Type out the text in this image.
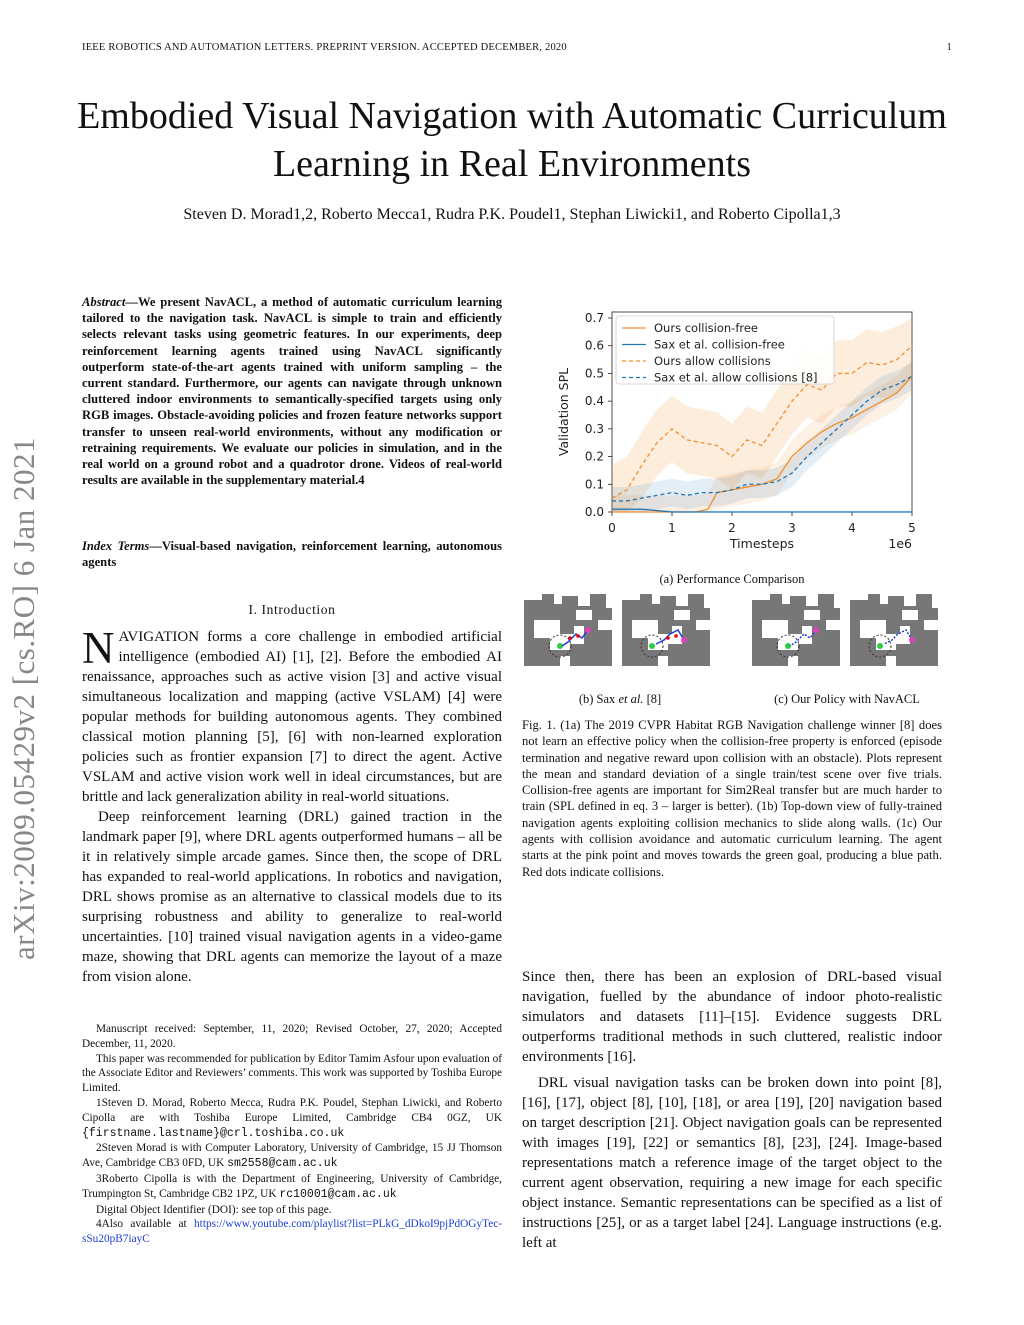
IEEE ROBOTICS AND AUTOMATION LETTERS. PREPRINT VERSION. ACCEPTED DECEMBER, 2020	1
Embodied Visual Navigation with Automatic Curriculum Learning in Real Environments
Steven D. Morad1,2, Roberto Mecca1, Rudra P.K. Poudel1, Stephan Liwicki1, and Roberto Cipolla1,3
arXiv:2009.05429v2 [cs.RO] 6 Jan 2021
Abstract—We present NavACL, a method of automatic curriculum learning tailored to the navigation task. NavACL is simple to train and efficiently selects relevant tasks using geometric features. In our experiments, deep reinforcement learning agents trained using NavACL significantly outperform state-of-the-art agents trained with uniform sampling – the current standard. Furthermore, our agents can navigate through unknown cluttered indoor environments to semantically-specified targets using only RGB images. Obstacle-avoiding policies and frozen feature networks support transfer to unseen real-world environments, without any modification or retraining requirements. We evaluate our policies in simulation, and in the real world on a ground robot and a quadrotor drone. Videos of real-world results are available in the supplementary material.4
Index Terms—Visual-based navigation, reinforcement learning, autonomous agents
I. Introduction

NAVIGATION forms a core challenge in embodied artificial intelligence (embodied AI) [1], [2]. Before the embodied AI renaissance, approaches such as active vision [3] and active visual simultaneous localization and mapping (active VSLAM) [4] were popular methods for building autonomous agents. They combined classical motion planning [5], [6] with non-learned exploration policies such as frontier expansion [7] to direct the agent. Active VSLAM and active vision work well in ideal circumstances, but are brittle and lack generalization ability in real-world situations.

Deep reinforcement learning (DRL) gained traction in the landmark paper [9], where DRL agents outperformed humans – all be it in relatively simple arcade games. Since then, the scope of DRL has expanded to real-world applications. In robotics and navigation, DRL shows promise as an alternative to classical models due to its surprising robustness and ability to generalize to real-world uncertainties. [10] trained visual navigation agents in a video-game maze, showing that DRL agents can memorize the layout of a maze from vision alone.

Manuscript received: September, 11, 2020; Revised October, 27, 2020; Accepted December, 11, 2020.

This paper was recommended for publication by Editor Tamim Asfour upon evaluation of the Associate Editor and Reviewers’ comments. This work was supported by Toshiba Europe Limited.

1Steven D. Morad, Roberto Mecca, Rudra P.K. Poudel, Stephan Liwicki, and Roberto Cipolla are with Toshiba Europe Limited, Cambridge CB4 0GZ, UK {firstname.lastname}@crl.toshiba.co.uk

2Steven Morad is with Computer Laboratory, University of Cambridge, 15 JJ Thomson Ave, Cambridge CB3 0FD, UK sm2558@cam.ac.uk

3Roberto Cipolla is with the Department of Engineering, University of Cambridge, Trumpington St, Cambridge CB2 1PZ, UK rc10001@cam.ac.uk

Digital Object Identifier (DOI): see top of this page.

4Also available at https://www.youtube.com/playlist?list=PLkG_dDkoI9pjPdOGyTec-sSu20pB7iayC

0.0
0.1
0.2
0.3
0.4
0.5
0.6
0.7
0	1	2	3	4	5
Timesteps	1e6
Validation SPL
Ours collision-free
Sax et al. collision-free
Ours allow collisions
Sax et al. allow collisions [8]
(a) Performance Comparison
(b) Sax et al. [8]	(c) Our Policy with NavACL
Fig. 1. (1a) The 2019 CVPR Habitat RGB Navigation challenge winner [8] does not learn an effective policy when the collision-free property is enforced (episode termination and negative reward upon collision with an obstacle). Plots represent the mean and standard deviation of a single train/test scene over five trials. Collision-free agents are important for Sim2Real transfer but are much harder to train (SPL defined in eq. 3 – larger is better). (1b) Top-down view of fully-trained navigation agents exploiting collision mechanics to slide along walls. (1c) Our agents with collision avoidance and automatic curriculum learning. The agent starts at the pink point and moves towards the green goal, producing a blue path. Red dots indicate collisions.

Since then, there has been an explosion of DRL-based visual navigation, fuelled by the abundance of indoor photo-realistic simulators and datasets [11]–[15]. Evidence suggests DRL outperforms traditional methods in such cluttered, realistic indoor environments [16].

DRL visual navigation tasks can be broken down into point [8], [16], [17], object [8], [10], [18], or area [19], [20] navigation based on target description [21]. Object navigation goals can be represented with images [19], [22] or semantics [8], [23], [24]. Image-based representations match a reference image of the target object to the current agent observation, requiring a new image for each specific object instance. Semantic representations can be specified as a list of instructions [25], or as a target label [24]. Language instructions (e.g. left at
